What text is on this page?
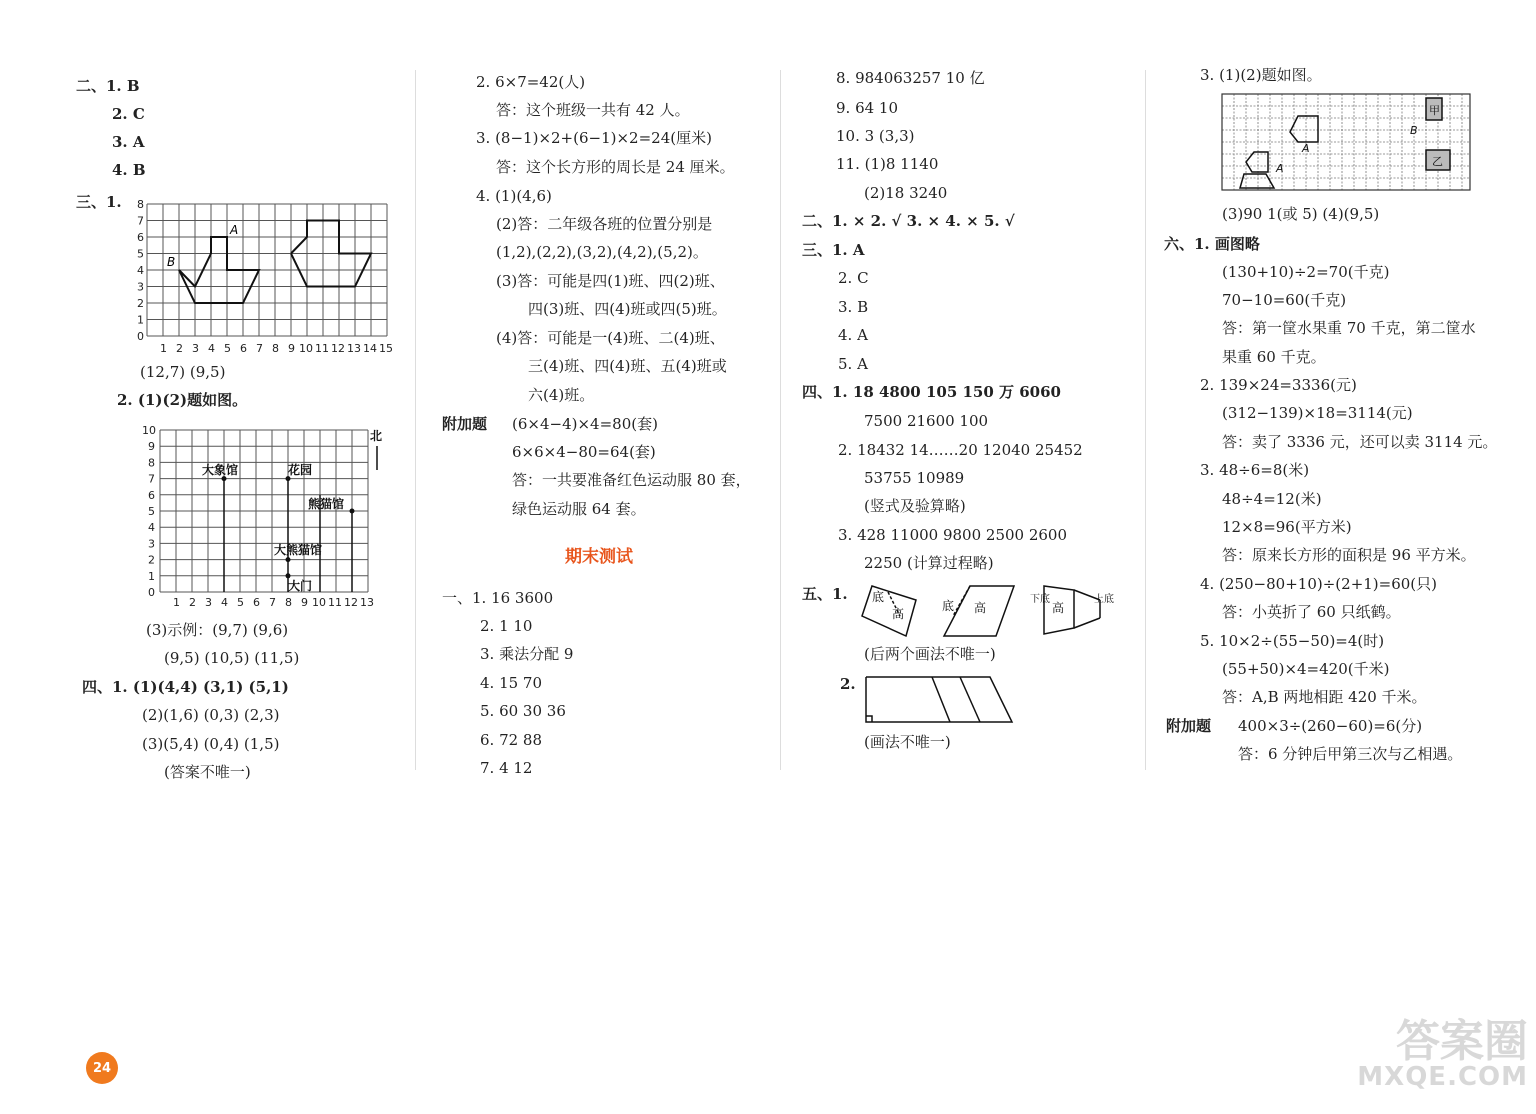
二、1. B
2. C
3. A
4. B
三、1.
A
B
0
1
2
3
4
5
6
7
8
1 2 3 4 5 6 7 8 9 10 11 12 13 14 15
(12,7) (9,5)
2. (1)(2)题如图。
大象馆	花园
熊猫馆
大熊猫馆
大门
北
0
1
2
3
4
5
6
7
8
9
10
1 2 3 4 5 6 7 8 9 10 11 12 13
(3)示例：(9,7) (9,6)
(9,5) (10,5) (11,5)
四、1. (1)(4,4) (3,1) (5,1)
(2)(1,6) (0,3) (2,3)
(3)(5,4) (0,4) (1,5)
(答案不唯一)
2. 6×7=42(人)
答：这个班级一共有 42 人。
3. (8−1)×2+(6−1)×2=24(厘米)
答：这个长方形的周长是 24 厘米。
4. (1)(4,6)
(2)答：二年级各班的位置分别是
(1,2),(2,2),(3,2),(4,2),(5,2)。
(3)答：可能是四(1)班、四(2)班、
四(3)班、四(4)班或四(5)班。
(4)答：可能是一(4)班、二(4)班、
三(4)班、四(4)班、五(4)班或
六(4)班。
附加题 (6×4−4)×4=80(套)
6×6×4−80=64(套)
答：一共要准备红色运动服 80 套，
绿色运动服 64 套。
期末测试
一、1. 16 3600
2. 1 10
3. 乘法分配 9
4. 15 70
5. 60 30 36
6. 72 88
7. 4 12
8. 984063257 10 亿
9. 64 10
10. 3 (3,3)
11. (1)8 1140
(2)18 3240
二、1. × 2. √ 3. × 4. × 5. √
三、1. A
2. C
3. B
4. A
5. A
四、1. 18 4800 105 150 万 6060
7500 21600 100
2. 18432 14……20 12040 25452
53755 10989
(竖式及验算略)
3. 428 11000 9800 2500 2600
2250 (计算过程略)
五、1. 底
高
底 高
下底
高
上底
(后两个画法不唯一)
2.
(画法不唯一)
3. (1)(2)题如图。
甲
乙
A
A
B
(3)90 1(或 5) (4)(9,5)
六、1. 画图略
(130+10)÷2=70(千克)
70−10=60(千克)
答：第一筐水果重 70 千克，第二筐水
果重 60 千克。
2. 139×24=3336(元)
(312−139)×18=3114(元)
答：卖了 3336 元，还可以卖 3114 元。
3. 48÷6=8(米)
48÷4=12(米)
12×8=96(平方米)
答：原来长方形的面积是 96 平方米。
4. (250−80+10)÷(2+1)=60(只)
答：小英折了 60 只纸鹤。
5. 10×2÷(55−50)=4(时)
(55+50)×4=420(千米)
答：A,B 两地相距 420 千米。
附加题 400×3÷(260−60)=6(分)
答：6 分钟后甲第三次与乙相遇。
24
答案圈
MXQE.COM
